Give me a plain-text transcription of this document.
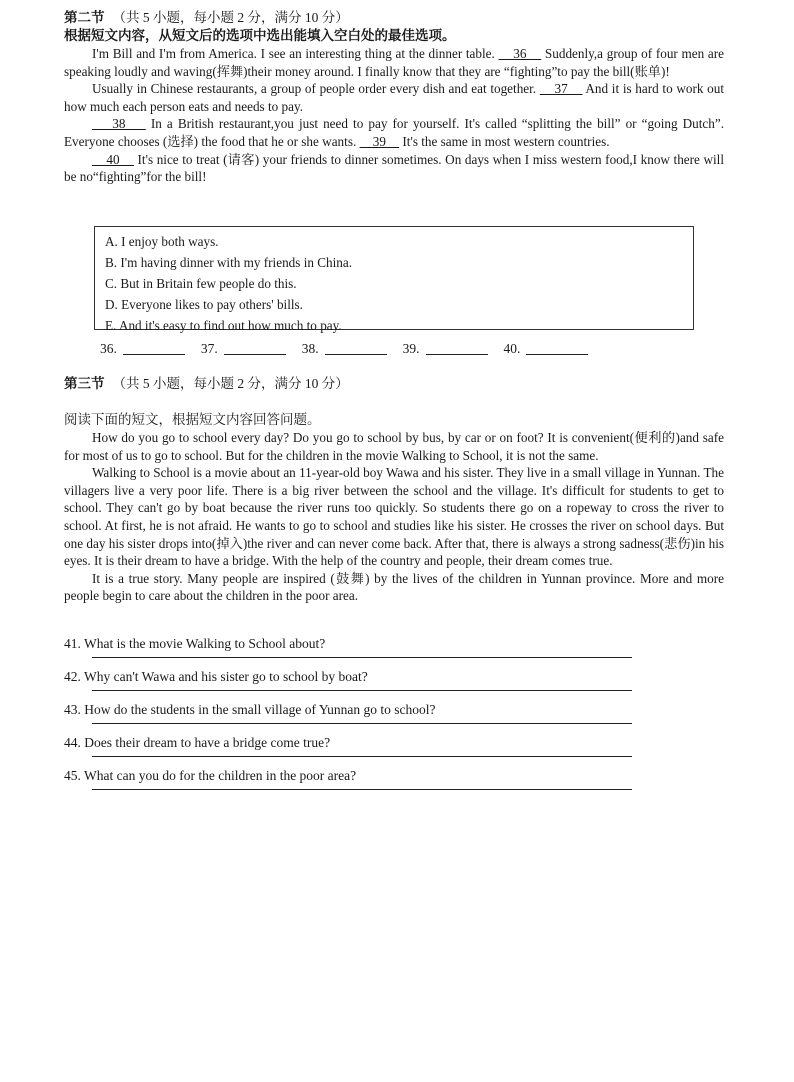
第二节 （共 5 小题，每小题 2 分，满分 10 分）
根据短文内容，从短文后的选项中选出能填入空白处的最佳选项。

I'm Bill and I'm from America. I see an interesting thing at the dinner table.     36     Suddenly,a group of four men are speaking loudly and waving(挥舞)their money around. I finally know that they are “fighting”to pay the bill(账单)!

Usually in Chinese restaurants, a group of people order every dish and eat together.     37     And it is hard to work out how much each person eats and needs to pay.

38     In a British restaurant,you just need to pay for yourself. It's called “splitting the bill” or “going Dutch”. Everyone chooses (选择) the food that he or she wants.     39     It's the same in most western countries.

40     It's nice to treat (请客) your friends to dinner sometimes. On days when I miss western food,I know there will be no“fighting”for the bill!

A. I enjoy both ways.
B. I'm having dinner with my friends in China.
C. But in Britain few people do this.
D. Everyone likes to pay others' bills.
E. And it's easy to find out how much to pay.
36.	37.	38.	39.	40.
第三节 （共 5 小题，每小题 2 分，满分 10 分）
阅读下面的短文，根据短文内容回答问题。

How do you go to school every day? Do you go to school by bus, by car or on foot? It is convenient(便利的)and safe for most of us to go to school. But for the children in the movie Walking to School, it is not the same.

Walking to School is a movie about an 11-year-old boy Wawa and his sister. They live in a small village in Yunnan. The villagers live a very poor life. There is a big river between the school and the village. It's difficult for students to get to school. They can't go by boat because the river runs too quickly. So students there go on a ropeway to cross the river to school. At first, he is not afraid. He wants to go to school and studies like his sister. He crosses the river on school days. But one day his sister drops into(掉入)the river and can never come back. After that, there is always a strong sadness(悲伤)in his eyes. It is their dream to have a bridge. With the help of the country and people, their dream comes true.

It is a true story. Many people are inspired (鼓舞) by the lives of the children in Yunnan province. More and more people begin to care about the children in the poor area.

41. What is the movie Walking to School about?
42. Why can't Wawa and his sister go to school by boat?
43. How do the students in the small village of Yunnan go to school?
44. Does their dream to have a bridge come true?
45. What can you do for the children in the poor area?
